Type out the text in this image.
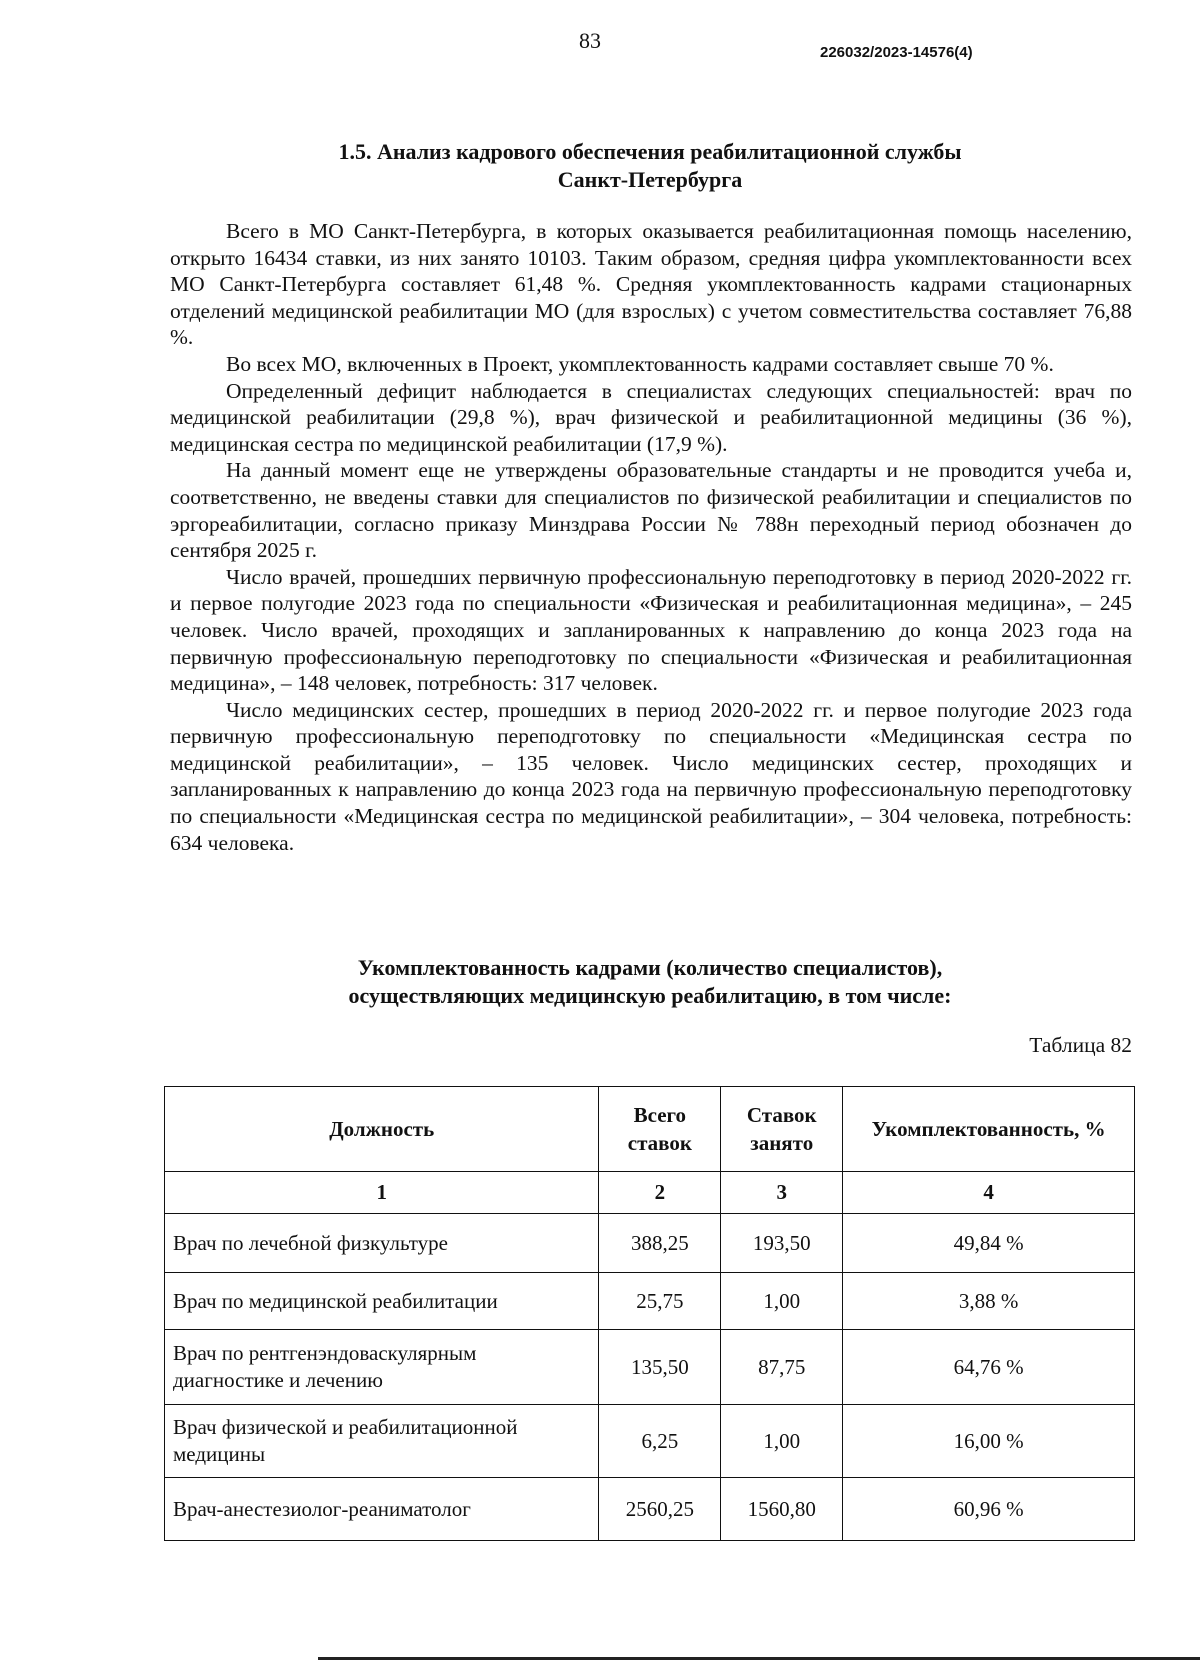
83	226032/2023-14576(4)
1.5. Анализ кадрового обеспечения реабилитационной службы
Санкт-Петербурга

Всего в МО Санкт-Петербурга, в которых оказывается реабилитационная помощь населению, открыто 16434 ставки, из них занято 10103. Таким образом, средняя цифра укомплектованности всех МО Санкт-Петербурга составляет 61,48 %. Средняя укомплектованность кадрами стационарных отделений медицинской реабилитации МО (для взрослых) с учетом совместительства составляет 76,88 %.

Во всех МО, включенных в Проект, укомплектованность кадрами составляет свыше 70 %.

Определенный дефицит наблюдается в специалистах следующих специальностей: врач по медицинской реабилитации (29,8 %), врач физической и реабилитационной медицины (36 %), медицинская сестра по медицинской реабилитации (17,9 %).

На данный момент еще не утверждены образовательные стандарты и не проводится учеба и, соответственно, не введены ставки для специалистов по физической реабилитации и специалистов по эргореабилитации, согласно приказу Минздрава России № 788н переходный период обозначен до сентября 2025 г.

Число врачей, прошедших первичную профессиональную переподготовку в период 2020-2022 гг. и первое полугодие 2023 года по специальности «Физическая и реабилитационная медицина», – 245 человек. Число врачей, проходящих и запланированных к направлению до конца 2023 года на первичную профессиональную переподготовку по специальности «Физическая и реабилитационная медицина», – 148 человек, потребность: 317 человек.

Число медицинских сестер, прошедших в период 2020-2022 гг. и первое полугодие 2023 года первичную профессиональную переподготовку по специальности «Медицинская сестра по медицинской реабилитации», – 135 человек. Число медицинских сестер, проходящих и запланированных к направлению до конца 2023 года на первичную профессиональную переподготовку по специальности «Медицинская сестра по медицинской реабилитации», – 304 человека, потребность: 634 человека.

Укомплектованность кадрами (количество специалистов),
осуществляющих медицинскую реабилитацию, в том числе:
Таблица 82
Должность	Всего ставок	Ставок занято	Укомплектованность, %
1	2	3	4
Врач по лечебной физкультуре	388,25	193,50	49,84 %
Врач по медицинской реабилитации	25,75	1,00	3,88 %
Врач по рентгенэндоваскулярным диагностике и лечению	135,50	87,75	64,76 %
Врач физической и реабилитационной медицины	6,25	1,00	16,00 %
Врач-анестезиолог-реаниматолог	2560,25	1560,80	60,96 %
